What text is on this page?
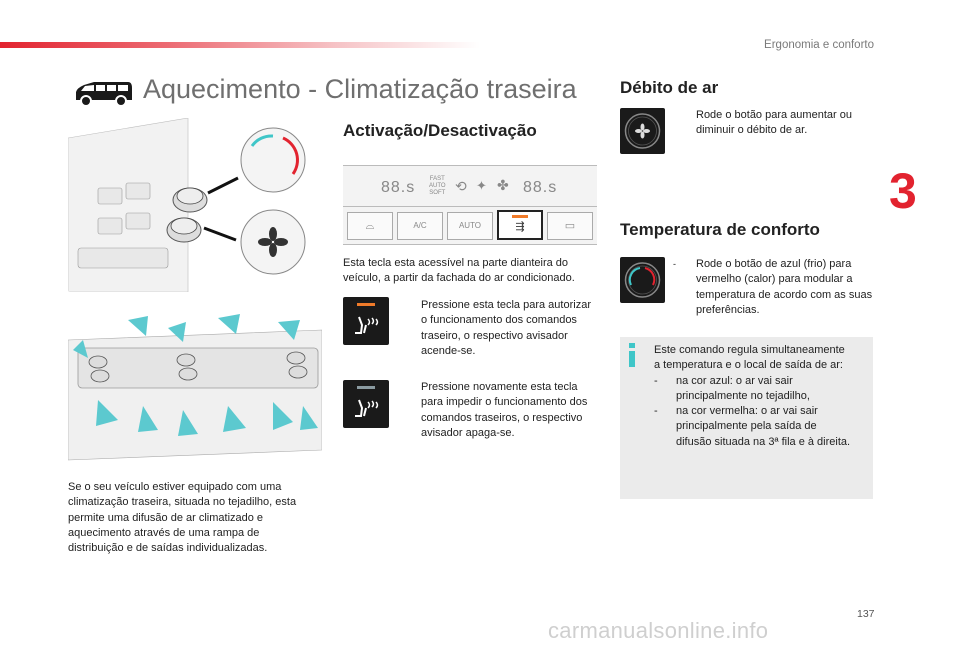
Ergonomia e conforto
3
Aquecimento - Climatização traseira
Se o seu veículo estiver equipado com uma climatização traseira, situada no tejadilho, esta permite uma difusão de ar climatizado e aquecimento através de uma rampa de distribuição e de saídas individualizadas.
Activação/Desactivação
88.s FAST
AUTO
SOFT ⟲ ✦ ✤ 88.s
⌓	A/C	AUTO	⇶	▭
Esta tecla esta acessível na parte dianteira do veículo, a partir da fachada do ar condicionado.
Pressione esta tecla para autorizar o funcionamento dos comandos traseiro, o respectivo avisador acende-se.
Pressione novamente esta tecla para impedir o funcionamento dos comandos traseiros, o respectivo avisador apaga-se.
Débito de ar
Rode o botão para aumentar ou diminuir o débito de ar.
Temperatura de conforto
-	Rode o botão de azul (frio) para vermelho (calor) para modular a temperatura de acordo com as suas preferências.
Este comando regula simultaneamente
a temperatura e o local de saída de ar:
- na cor azul: o ar vai sair
principalmente no tejadilho,
- na cor vermelha: o ar vai sair
principalmente pela saída de
difusão situada na 3ª fila e à direita.
137
carmanualsonline.info
